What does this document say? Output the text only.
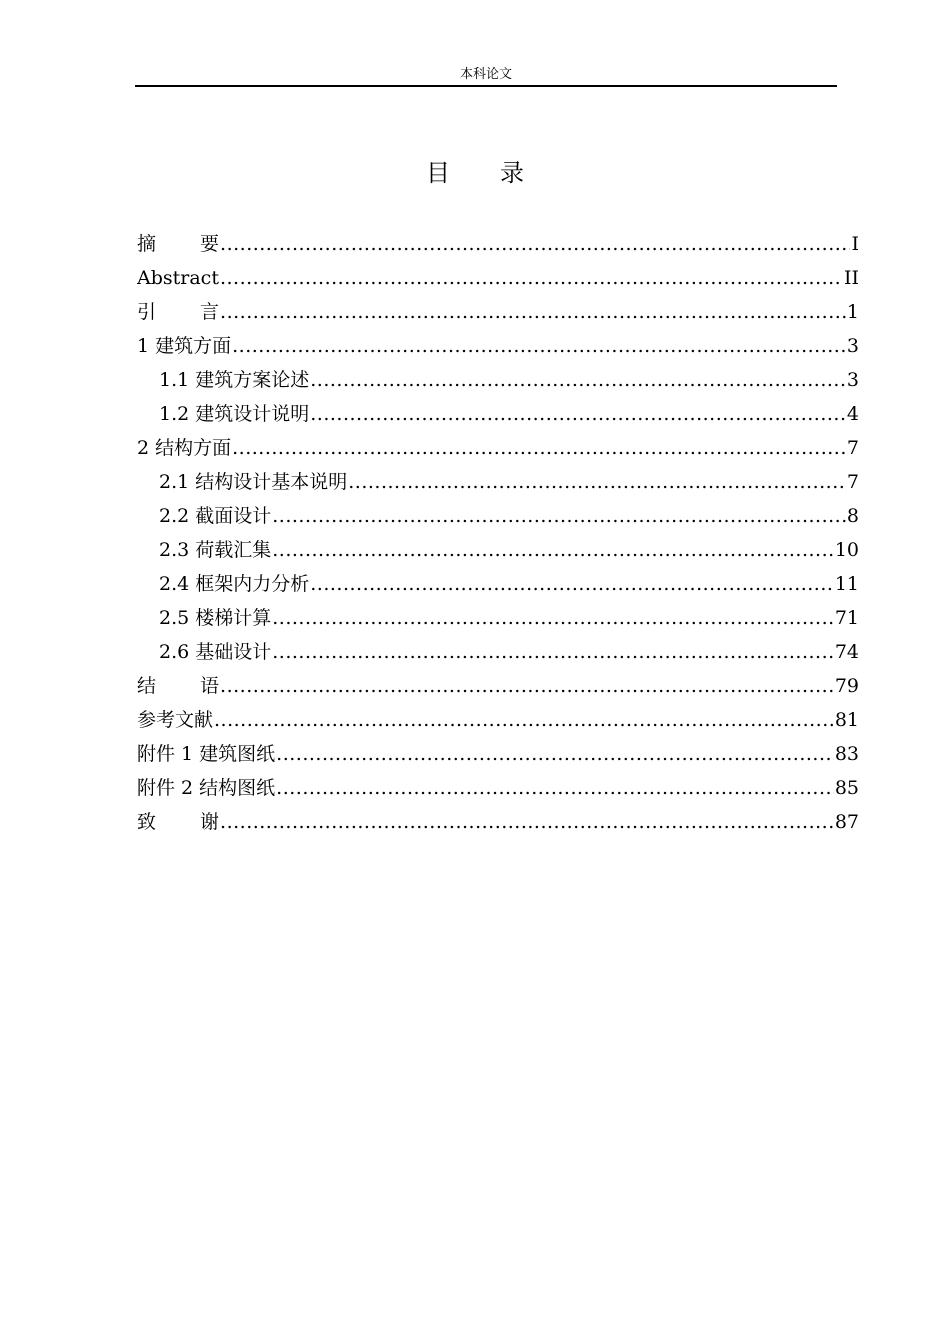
本科论文
目 录
摘 要 .....	I
Abstract .....	II
引 言 .....	1
1 建筑方面 .....	3
1.1 建筑方案论述 .....	3
1.2 建筑设计说明 .....	4
2 结构方面 .....	7
2.1 结构设计基本说明 .....	7
2.2 截面设计 .....	8
2.3 荷载汇集 .....	10
2.4 框架内力分析 .....	11
2.5 楼梯计算 .....	71
2.6 基础设计 .....	74
结 语 .....	79
参考文献 .....	81
附件 1 建筑图纸 .....	83
附件 2 结构图纸 .....	85
致 谢 .....	87
